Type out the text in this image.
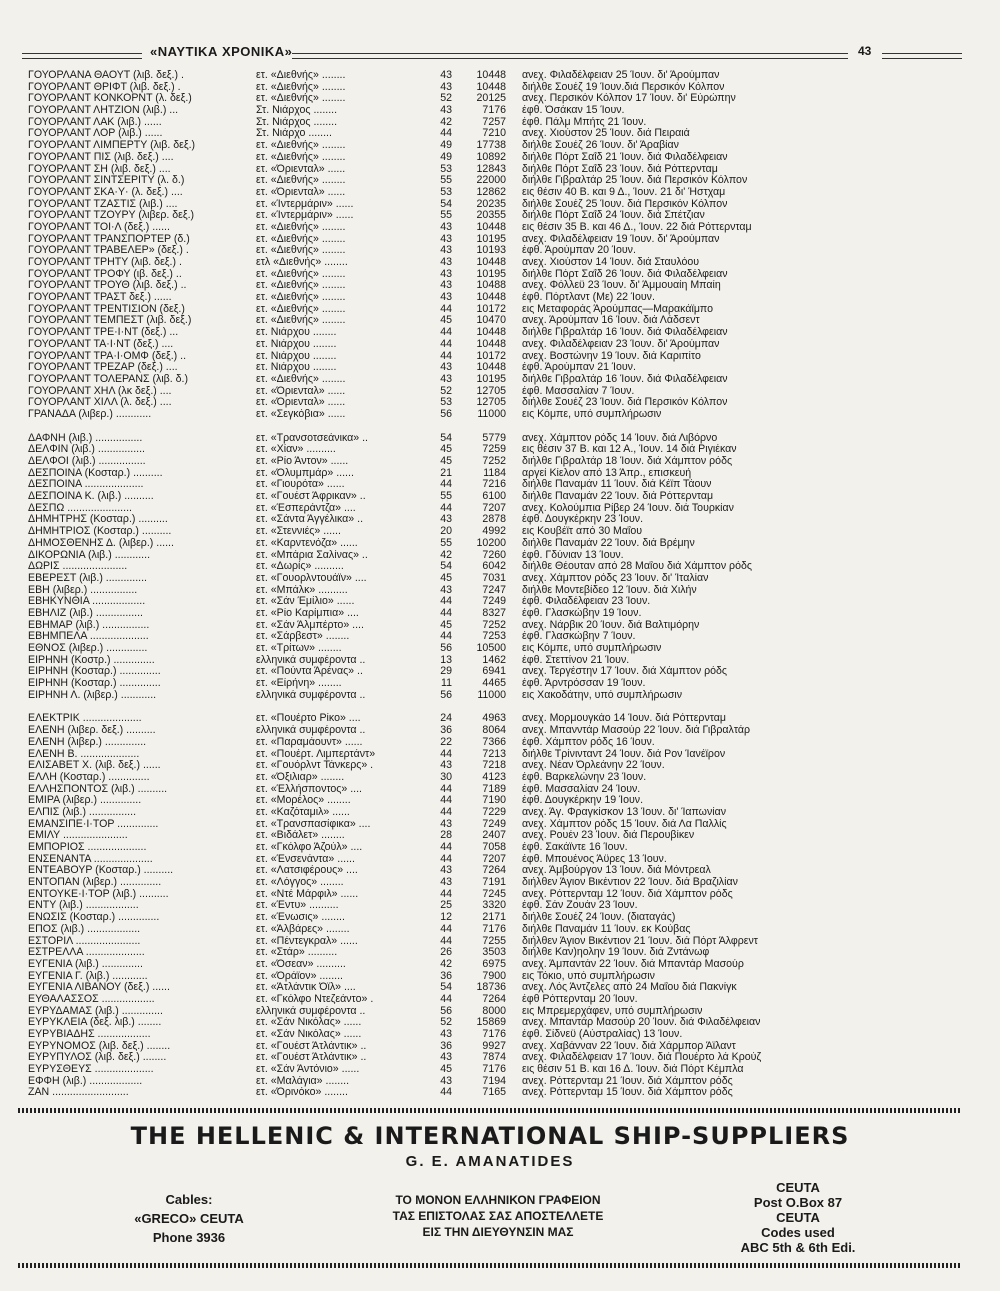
«ΝΑΥΤΙΚΑ ΧΡΟΝΙΚΑ»	43
ΓΟΥΟΡΛΑΝΑ ΘΑΟΥΤ (λιβ. δεξ.) .	ετ. «Διεθνής» ........	43	10448	ανεχ. Φιλαδέλφειαν 25 Ίουν. δι' Άρούμπαν
ΓΟΥΟΡΛΑΝΤ ΘΡΙΦΤ (λιβ. δεξ.) .	ετ. «Διεθνής» ........	43	10448	διήλθε Σουέζ 19 Ίουν.διά Περσικόν Κόλπον
ΓΟΥΟΡΛΑΝΤ ΚΟΝΚΟΡΝΤ (λ. δεξ.)	ετ. «Διεθνής» ........	52	20125	ανεχ. Περσικόν Κόλπον 17 Ίουν. δι' Εύρώπην
ΓΟΥΟΡΛΑΝΤ ΛΗΤΖΙΟΝ (λιβ.) ...	Στ. Νιάρχος ........	43	7176	έφθ. Όσάκαν 15 Ίουν.
ΓΟΥΟΡΛΑΝΤ ΛΑΚ (λιβ.) ......	Στ. Νιάρχος ........	42	7257	έφθ. Πάλμ Μπήτς 21 Ίουν.
ΓΟΥΟΡΛΑΝΤ ΛΟΡ (λιβ.) ......	Στ. Νιάρχο ........	44	7210	ανεχ. Χιούστον 25 Ίουν. διά Πειραιά
ΓΟΥΟΡΛΑΝΤ ΛΙΜΠΕΡΤΥ (λιβ. δεξ.)	ετ. «Διεθνής» ........	49	17738	διήλθε Σουέζ 26 Ίουν. δι' Άραβίαν
ΓΟΥΟΡΛΑΝΤ ΠΙΣ (λιβ. δεξ.) ....	ετ. «Διεθνής» ........	49	10892	διήλθε Πόρτ Σαΐδ 21 Ίουν. διά Φιλαδέλφειαν
ΓΟΥΟΡΛΑΝΤ ΣΗ (λιβ. δεξ.) ....	ετ. «Όριενταλ» ......	53	12843	διήλθε Πόρτ Σαΐδ 23 Ίουν. διά Ρόττερνταμ
ΓΟΥΟΡΛΑΝΤ ΣΙΝΤΣΕΡΙΤΥ (λ. δ.)	ετ. «Διεθνής» ........	55	22000	διήλθε Γιβραλτάρ 25 Ίουν. διά Περσικόν Κόλπον
ΓΟΥΟΡΛΑΝΤ ΣΚΑ·Υ· (λ. δεξ.) ....	ετ. «Όριενταλ» ......	53	12862	εις θέσιν 40 Β. και 9 Δ., Ίουν. 21 δι' Ήστχαμ
ΓΟΥΟΡΛΑΝΤ ΤΖΑΣΤΙΣ (λιβ.) ....	ετ. «Ίντερμάριν» ......	54	20235	διήλθε Σουέζ 25 Ίουν. διά Περσικόν Κόλπον
ΓΟΥΟΡΛΑΝΤ ΤΖΟΥΡΥ (λιβερ. δεξ.)	ετ. «Ίντερμάριν» ......	55	20355	διήλθε Πόρτ Σαΐδ 24 Ίουν. διά Σπέτζιαν
ΓΟΥΟΡΛΑΝΤ ΤΟΙ·Λ (δεξ.) ......	ετ. «Διεθνής» ........	43	10448	εις θέσιν 35 Β. και 46 Δ., Ίουν. 22 διά Ρόττερνταμ
ΓΟΥΟΡΛΑΝΤ ΤΡΑΝΣΠΟΡΤΕΡ (δ.)	ετ. «Διεθνής» ........	43	10195	ανεχ. Φιλαδέλφειαν 19 Ίουν. δι' Άρούμπαν
ΓΟΥΟΡΛΑΝΤ ΤΡΑΒΕΛΕΡ» (δεξ.) .	ετ. «Διεθνής» ........	43	10193	έφθ. Άρούμπαν 20 Ίουν.
ΓΟΥΟΡΛΑΝΤ ΤΡΗΤΥ (λιβ. δεξ.) .	ετλ «Διεθνής» ........	43	10448	ανεχ. Χιούστον 14 Ίουν. διά Σταυλόου
ΓΟΥΟΡΛΑΝΤ ΤΡΟΦΥ (ιβ. δεξ.) ..	ετ. «Διεθνής» ........	43	10195	διήλθε Πόρτ Σαΐδ 26 Ίουν. διά Φιλαδέλφειαν
ΓΟΥΟΡΛΑΝΤ ΤΡΟΥΘ (λιβ. δεξ.) ..	ετ. «Διεθνής» ........	43	10488	ανεχ. Φόλλεϋ 23 Ίουν. δι' Άμμουαίη Μπαίη
ΓΟΥΟΡΛΑΝΤ ΤΡΑΣΤ δεξ.) ......	ετ. «Διεθνής» ........	43	10448	έφθ. Πόρτλαντ (Με) 22 Ίουν.
ΓΟΥΟΡΛΑΝΤ ΤΡΕΝΤΙΣΙΟΝ (δεξ.)	ετ. «Διεθνής» ........	44	10172	εις Μεταφοράς Άρούμπας—Μαρακάϊμπο
ΓΟΥΟΡΛΑΝΤ ΤΕΜΠΕΣΤ (λιβ. δεξ.)	ετ. «Διεθνής» ........	45	10470	ανεχ. Άρούμπαν 16 Ίουν. διά Λάδσεντ
ΓΟΥΟΡΛΑΝΤ ΤΡΕ·Ι·ΝΤ (δεξ.) ...	ετ. Νιάρχου ........	44	10448	διήλθε Γιβραλτάρ 16 Ίουν. διά Φιλαδέλφειαν
ΓΟΥΟΡΛΑΝΤ ΤΑ·Ι·ΝΤ (δεξ.) ....	ετ. Νιάρχου ........	44	10448	ανεχ. Φιλαδέλφειαν 23 Ίουν. δι' Άρούμπαν
ΓΟΥΟΡΛΑΝΤ ΤΡΑ·Ι·ΟΜΦ (δεξ.) ..	ετ. Νιάρχου ........	44	10172	ανεχ. Βοστώνην 19 Ίουν. διά Καριπίτο
ΓΟΥΟΡΛΑΝΤ ΤΡΕΖΑΡ (δεξ.) ....	ετ. Νιάρχου ........	43	10448	έφθ. Άρούμπαν 21 Ίουν.
ΓΟΥΟΡΛΑΝΤ ΤΟΛΕΡΑΝΣ (λιβ. δ.)	ετ. «Διεθνής» ........	43	10195	διήλθε Γιβραλτάρ 16 Ίουν. διά Φιλαδέλφειαν
ΓΟΥΟΡΛΑΝΤ ΧΗΛ (λκ δεξ.) ....	ετ. «Όριενταλ» ......	52	12705	έφθ. Μασσαλίαν 7 Ίουν.
ΓΟΥΟΡΛΑΝΤ ΧΙΛΛ (λ. δεξ.) ....	ετ. «Όριενταλ» ......	53	12705	διήλθε Σουέζ 23 Ίουν. διά Περσικόν Κόλπον
ΓΡΑΝΑΔΑ (λιβερ.) ............	ετ. «Σεγκόβια» ......	56	11000	εις Κόμπε, υπό συμπλήρωσιν
ΔΑΦΝΗ (λιβ.) ................	ετ. «Τρανσοτσεάνικα» ..	54	5779	ανεχ. Χάμπτον ρόδς 14 Ίουν. διά Λιβόρνο
ΔΕΛΦΙΝ (λιβ.) ................	ετ. «Χίαν» ..........	45	7259	εις θέσιν 37 Β. και 12 Α., Ίουν. 14 διά Ριγιέκαν
ΔΕΛΦΟΙ (λιβ.) ................	ετ. «Ρίο Άντον» ......	45	7252	διήλθε Γιβραλτάρ 18 Ίουν. διά Χάμπτον ρόδς
ΔΕΣΠΟΙΝΑ (Κοσταρ.) ..........	ετ. «Όλυμπμάρ» ......	21	1184	αργεί Κίελον από 13 Άπρ., επισκευή
ΔΕΣΠΟΙΝΑ ....................	ετ. «Γιουρότα» ......	44	7216	διήλθε Παναμάν 11 Ίουν. διά Κέϊπ Τάουν
ΔΕΣΠΟΙΝΑ Κ. (λιβ.) ..........	ετ. «Γουέστ Άφρικαν» ..	55	6100	διήλθε Παναμάν 22 Ίουν. διά Ρόττερνταμ
ΔΕΣΠΩ ......................	ετ. «Έσπεράντζα» ....	44	7207	ανεχ. Κολούμπια Ρίβερ 24 Ίουν. διά Τουρκίαν
ΔΗΜΗΤΡΗΣ (Κοσταρ.) ..........	ετ. «Σάντα Άγγέλικα» ..	43	2878	έφθ. Δουγκέρκην 23 Ίουν.
ΔΗΜΗΤΡΙΟΣ (Κοσταρ.) ..........	ετ. «Στεννιές» ......	20	4992	εις Κουβέϊτ από 30 Μαΐου
ΔΗΜΟΣΘΕΝΗΣ Δ. (λιβερ.) ......	ετ. «Καρντενόζα» ......	55	10200	διήλθε Παναμάν 22 Ίουν. διά Βρέμην
ΔΙΚΟΡΩΝΙΑ (λιβ.) ............	ετ. «Μπάρια Σαλίνας» ..	42	7260	έφθ. Γδύνιαν 13 Ίουν.
ΔΩΡΙΣ ......................	ετ. «Δωρίς» ..........	54	6042	διήλθε Θέουταν από 28 Μαΐου διά Χάμπτον ρόδς
ΕΒΕΡΕΣΤ (λιβ.) ..............	ετ. «Γουορλντουάϊν» ....	45	7031	ανεχ. Χάμπτον ρόδς 23 Ίουν. δι' Ίταλίαν
ΕΒΗ (λιβερ.) ................	ετ. «Μπάλκ» ..........	43	7247	διήλθε Μοντεβίδεο 12 Ίουν. διά Χιλήν
ΕΒΗΚΥΝΘΙΑ ..................	ετ. «Σάν Έμίλιο» ......	44	7249	έφθ. Φιλαδέλφειαν 23 Ίουν.
ΕΒΗΛΙΖ (λιβ.) ................	ετ. «Ρίο Καρίμπια» ....	44	8327	έφθ. Γλασκώβην 19 Ίουν.
ΕΒΗΜΑΡ (λιβ.) ................	ετ. «Σάν Άλμπέρτο» ....	45	7252	ανεχ. Νάρβικ 20 Ίουν. διά Βαλτιμόρην
ΕΒΗΜΠΕΛΑ ....................	ετ. «Σάρβεστ» ........	44	7253	έφθ. Γλασκώβην 7 Ίουν.
ΕΘΝΟΣ (λιβερ.) ..............	ετ. «Τρίτων» ........	56	10500	εις Κόμπε, υπό συμπλήρωσιν
ΕΙΡΗΝΗ (Κοστρ.) ..............	ελληνικά συμφέροντα ..	13	1462	έφθ. Στεττίνον 21 Ίουν.
ΕΙΡΗΝΗ (Κοσταρ.) ..............	ετ. «Πούντα Άρένας» ..	29	6941	ανεχ. Τεργέστην 17 Ίουν. διά Χάμπτον ρόδς
ΕΙΡΗΝΗ (Κοσταρ.) ..............	ετ. «Είρήνη» ........	11	4465	έφθ. Άρντρόσσαν 19 Ίουν.
ΕΙΡΗΝΗ Λ. (λιβερ.) ............	ελληνικά συμφέροντα ..	56	11000	εις Χακοδάτην, υπό συμπλήρωσιν
ΕΛΕΚΤΡΙΚ ....................	ετ. «Πουέρτο Ρίκο» ....	24	4963	ανεχ. Μορμουγκάο 14 Ίουν. διά Ρόττερνταμ
ΕΛΕΝΗ (λιβερ. δεξ.) ..........	ελληνικά συμφέροντα ..	36	8064	ανεχ. Μπανντάρ Μασούρ 22 Ίουν. διά Γιβραλτάρ
ΕΛΕΝΗ (λιβερ.) ..............	ετ. «Παραμάουντ» ......	22	7366	έφθ. Χάμπτον ρόδς 16 Ίουν.
ΕΛΕΝΗ Β. ....................	ετ. «Πουέρτ. Λιμπερτάντ»	44	7213	διήλθε Τρίνινταντ 24 Ίουν. διά Ρον Ίανέϊρον
ΕΛΙΣΑΒΕΤ Χ. (λιβ. δεξ.) ......	ετ. «Γουόρλντ Τάνκερς» .	43	7218	ανεχ. Νέαν Όρλεάνην 22 Ίουν.
ΕΛΛΗ (Κοσταρ.) ..............	ετ. «Όξιλιαρ» ........	30	4123	έφθ. Βαρκελώνην 23 Ίουν.
ΕΛΛΗΣΠΟΝΤΟΣ (λιβ.) ..........	ετ. «Έλλήσποντος» ....	44	7189	έφθ. Μασσαλίαν 24 Ίουν.
ΕΜΙΡΑ (λιβερ.) ..............	ετ. «Μορέλος» ........	44	7190	έφθ. Δουγκέρκην 19 Ίουν.
ΕΛΠΙΣ (λιβ.) ................	ετ. «Καζόταμιλ» ......	44	7229	ανεχ. Άγ. Φραγκίσκον 13 Ίουν. δι' Ίαπωνίαν
ΕΜΑΝΣΙΠΕ·Ι·ΤΟΡ ..............	ετ. «Τρανσπασίφικα» ....	43	7249	ανεχ. Χάμπτον ρόδς 15 Ίουν. διά Λα Παλλίς
ΕΜΙΛΥ ......................	ετ. «Βιδάλετ» ........	28	2407	ανεχ. Ρουέν 23 Ίουν. διά Περουβίκεν
ΕΜΠΟΡΙΟΣ ....................	ετ. «Γκόλφο Άζούλ» ....	44	7058	έφθ. Σακάϊντε 16 Ίουν.
ΕΝΣΕΝΑΝΤΑ ....................	ετ. «Ένσενάντα» ......	44	7207	έφθ. Μπουένος Άϋρες 13 Ίουν.
ΕΝΤΕΑΒΟΥΡ (Κοσταρ.) ..........	ετ. «Λατσιφέρους» ....	43	7264	ανεχ. Άμβούργον 13 Ίουν. διά Μόντρεαλ
ΕΝΤΟΠΑΝ (λιβερ.) ..............	ετ. «Λόγγος» ........	43	7191	διήλθεν Άγιον Βικέντιον 22 Ίουν. διά Βραζιλίαν
ΕΝΤΟΥΚΕ·Ι·ΤΟΡ (λιβ.) ..........	ετ. «Ντέ Μάρφιλ» ......	44	7245	ανεχ. Ρόττερνταμ 12 Ίουν. διά Χάμπτον ρόδς
ΕΝΤΥ (λιβ.) ..................	ετ. «Έντυ» ..........	25	3320	έφθ. Σάν Ζουάν 23 Ίουν.
ΕΝΩΣΙΣ (Κοσταρ.) ..............	ετ. «Ένωσις» ........	12	2171	διήλθε Σουέζ 24 Ίουν. (διαταγάς)
ΕΠΟΣ (λιβ.) ..................	ετ. «Άλβάρες» ........	44	7176	διήλθε Παναμάν 11 Ίουν. εκ Κούβας
ΕΣΤΟΡΙΛ ......................	ετ. «Πέντεγκραλ» ......	44	7255	διήλθεν Άγιον Βικέντιον 21 Ίουν. διά Πόρτ Άλφρεντ
ΕΣΤΡΕΛΛΑ ....................	ετ. «Στάρ» ..........	26	3503	διήλθε Καν)ηολην 19 Ίουν. διά Ζντάνωφ
ΕΥΓΕΝΙΑ (λιβ.) ..............	ετ. «Όσεαν» ..........	42	6975	ανεχ. Άμπαντάν 22 Ίουν. διά Μπαντάρ Μασούρ
ΕΥΓΕΝΙΑ Γ. (λιβ.) ............	ετ. «Όράϊον» ........	36	7900	εις Τόκιο, υπό συμπλήρωσιν
ΕΥΓΕΝΙΑ ΛΙΒΑΝΟΥ (δεξ.) ......	ετ. «Άτλάντικ Όϊλ» ....	54	18736	ανεχ. Λός Άντζελες από 24 Μαΐου διά Πακνίγκ
ΕΥΘΑΛΑΣΣΟΣ ..................	ετ. «Γκόλφο Ντεζεάντο» .	44	7264	έφθ Ρόττερνταμ 20 Ίουν.
ΕΥΡΥΔΑΜΑΣ (λιβ.) ..............	ελληνικά συμφέροντα ..	56	8000	εις Μπρεμερχάφεν, υπό συμπλήρωσιν
ΕΥΡΥΚΛΕΙΑ (δεξ. λιβ.) ........	ετ. «Σάν Νικόλας» ......	52	15869	ανεχ. Μπαντάρ Μασούρ 20 Ίουν. διά Φιλαδέλφειαν
ΕΥΡΥΒΙΑΔΗΣ ..................	ετ. «Σάν Νικόλας» ......	43	7176	έφθ. Σίδνεϋ (Αύστραλίας) 13 Ίουν.
ΕΥΡΥΝΟΜΟΣ (λιβ. δεξ.) ........	ετ. «Γουέστ Άτλάντικ» ..	36	9927	ανεχ. Χαβάνναν 22 Ίουν. διά Χάρμπορ Άϊλαντ
ΕΥΡΥΠΥΛΟΣ (λιβ. δεξ.) ........	ετ. «Γουέστ Άτλάντικ» ..	43	7874	ανεχ. Φιλαδέλφειαν 17 Ίουν. διά Πουέρτο λά Κρούζ
ΕΥΡΥΣΘΕΥΣ ....................	ετ. «Σάν Άντόνιο» ......	45	7176	εις θέσιν 51 Β. και 16 Δ. Ίουν. διά Πόρτ Κέμπλα
ΕΦΦΗ (λιβ.) ..................	ετ. «Μαλάγια» ........	43	7194	ανεχ. Ρόττερνταμ 21 Ίουν. διά Χάμπτον ρόδς
ΖΑΝ ..........................	ετ. «Όρινόκο» ........	44	7165	ανεχ. Ρόττερνταμ 15 Ίουν. διά Χάμπτον ρόδς
THE HELLENIC & INTERNATIONAL SHIP-SUPPLIERS
G. E. AMANATIDES
Cables:
«GRECO» CEUTA
Phone 3936
ΤΟ ΜΟΝΟΝ ΕΛΛΗΝΙΚΟΝ ΓΡΑΦΕΙΟΝ
ΤΑΣ ΕΠΙΣΤΟΛΑΣ ΣΑΣ ΑΠΟΣΤΕΛΛΕΤΕ
ΕΙΣ ΤΗΝ ΔΙΕΥΘΥΝΣΙΝ ΜΑΣ
CEUTA
Post O.Box 87
CEUTA
Codes used
ABC 5th & 6th Edi.
